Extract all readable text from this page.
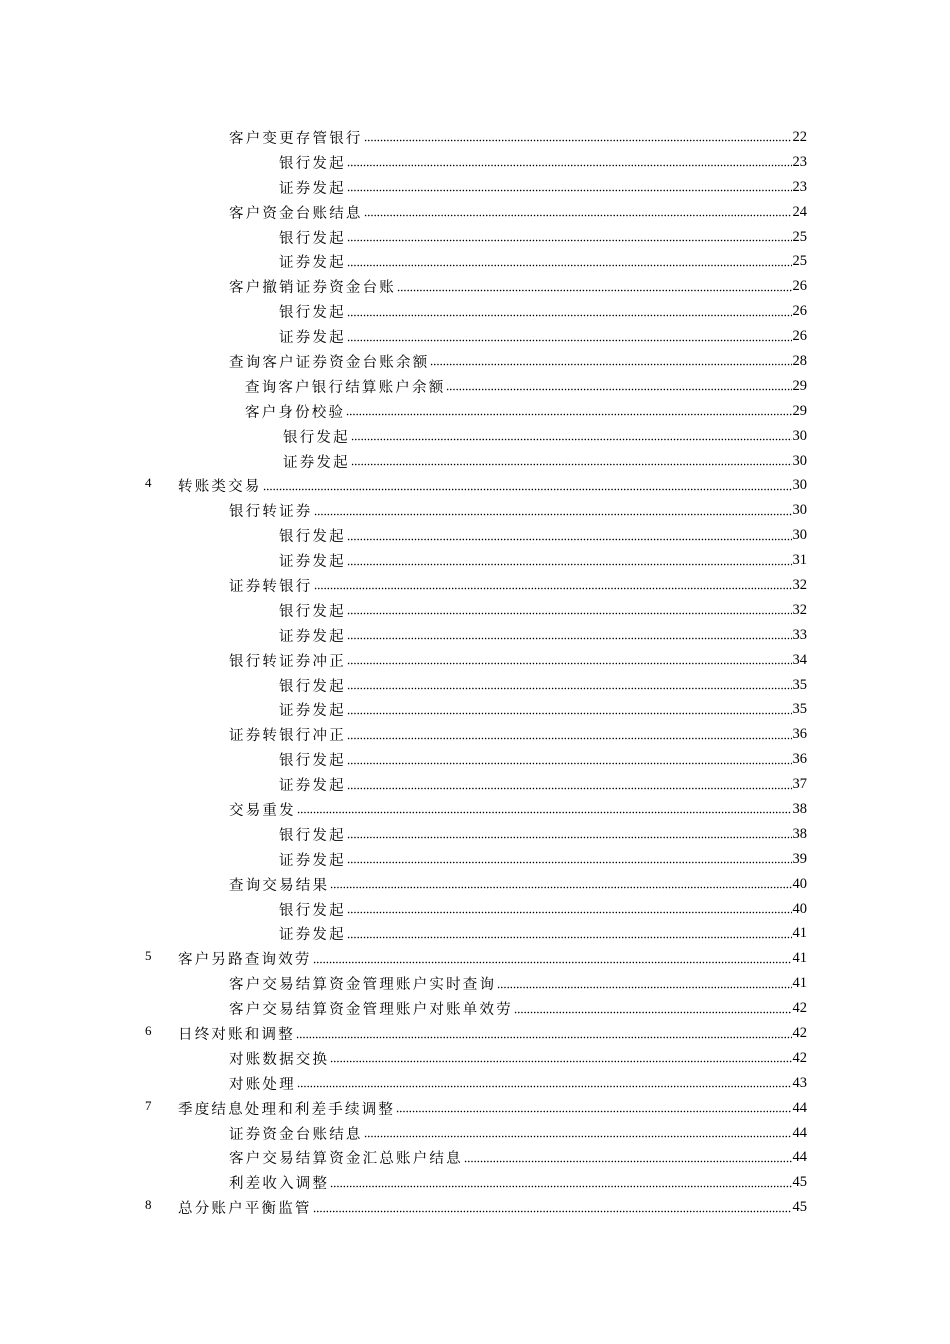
客户变更存管银行	22
银行发起	23
证券发起	23
客户资金台账结息	24
银行发起	25
证券发起	25
客户撤销证券资金台账	26
银行发起	26
证券发起	26
查询客户证券资金台账余额	28
查询客户银行结算账户余额	29
客户身份校验	29
银行发起	30
证券发起	30
4 转账类交易	30
银行转证券	30
银行发起	30
证券发起	31
证券转银行	32
银行发起	32
证券发起	33
银行转证券冲正	34
银行发起	35
证券发起	35
证券转银行冲正	36
银行发起	36
证券发起	37
交易重发	38
银行发起	38
证券发起	39
查询交易结果	40
银行发起	40
证券发起	41
5 客户另路查询效劳	41
客户交易结算资金管理账户实时查询	41
客户交易结算资金管理账户对账单效劳	42
6 日终对账和调整	42
对账数据交换	42
对账处理	43
7 季度结息处理和利差手续调整	44
证券资金台账结息	44
客户交易结算资金汇总账户结息	44
利差收入调整	45
8 总分账户平衡监管	45
